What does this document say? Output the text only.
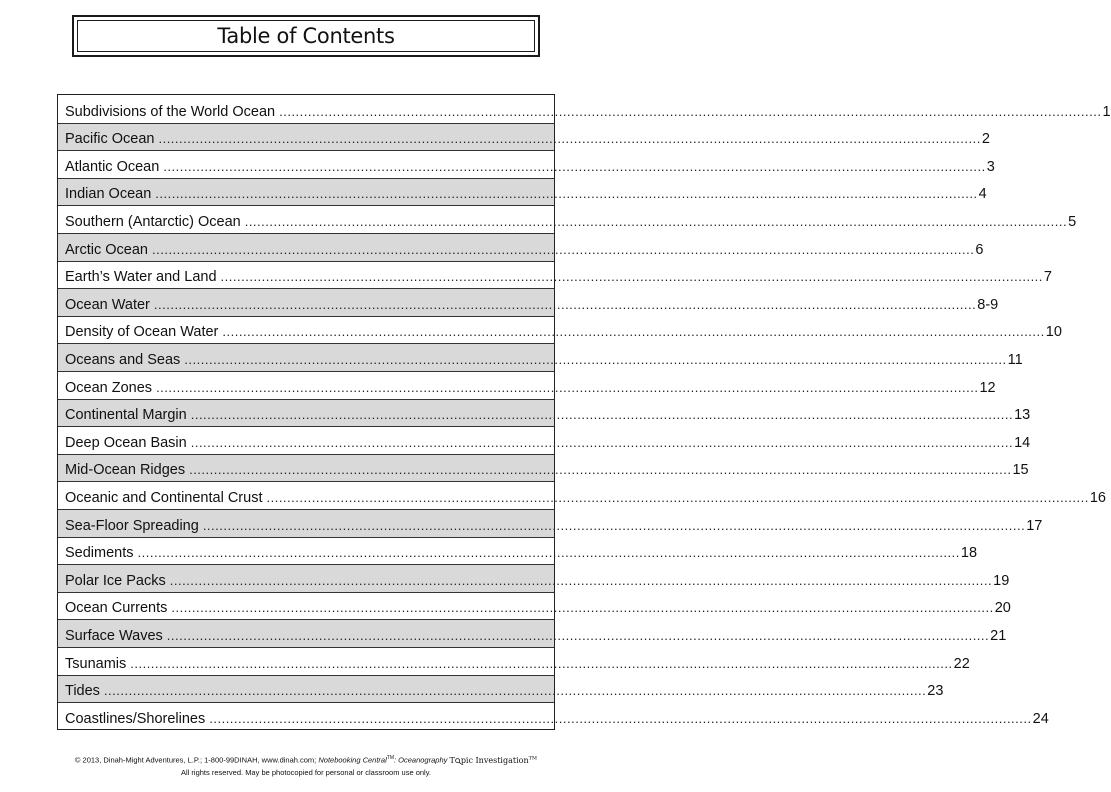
Table of Contents
Subdivisions of the World Ocean ........................................................................................................................................................................................................ 1
Pacific Ocean ........................................................................................................................................................................................................ 2
Atlantic Ocean ........................................................................................................................................................................................................ 3
Indian Ocean ........................................................................................................................................................................................................ 4
Southern (Antarctic) Ocean ........................................................................................................................................................................................................ 5
Arctic Ocean ........................................................................................................................................................................................................ 6
Earth’s Water and Land ........................................................................................................................................................................................................ 7
Ocean Water ........................................................................................................................................................................................................ 8-9
Density of Ocean Water ........................................................................................................................................................................................................ 10
Oceans and Seas ........................................................................................................................................................................................................ 11
Ocean Zones ........................................................................................................................................................................................................ 12
Continental Margin ........................................................................................................................................................................................................ 13
Deep Ocean Basin ........................................................................................................................................................................................................ 14
Mid-Ocean Ridges ........................................................................................................................................................................................................ 15
Oceanic and Continental Crust ........................................................................................................................................................................................................ 16
Sea-Floor Spreading ........................................................................................................................................................................................................ 17
Sediments ........................................................................................................................................................................................................ 18
Polar Ice Packs ........................................................................................................................................................................................................ 19
Ocean Currents ........................................................................................................................................................................................................ 20
Surface Waves ........................................................................................................................................................................................................ 21
Tsunamis ........................................................................................................................................................................................................ 22
Tides ........................................................................................................................................................................................................ 23
Coastlines/Shorelines ........................................................................................................................................................................................................ 24
© 2013, Dinah-Might Adventures, L.P.; 1-800-99DINAH, www.dinah.com; Notebooking Central™: Oceanography T pic Investigation™
All rights reserved. May be photocopied for personal or classroom use only.
